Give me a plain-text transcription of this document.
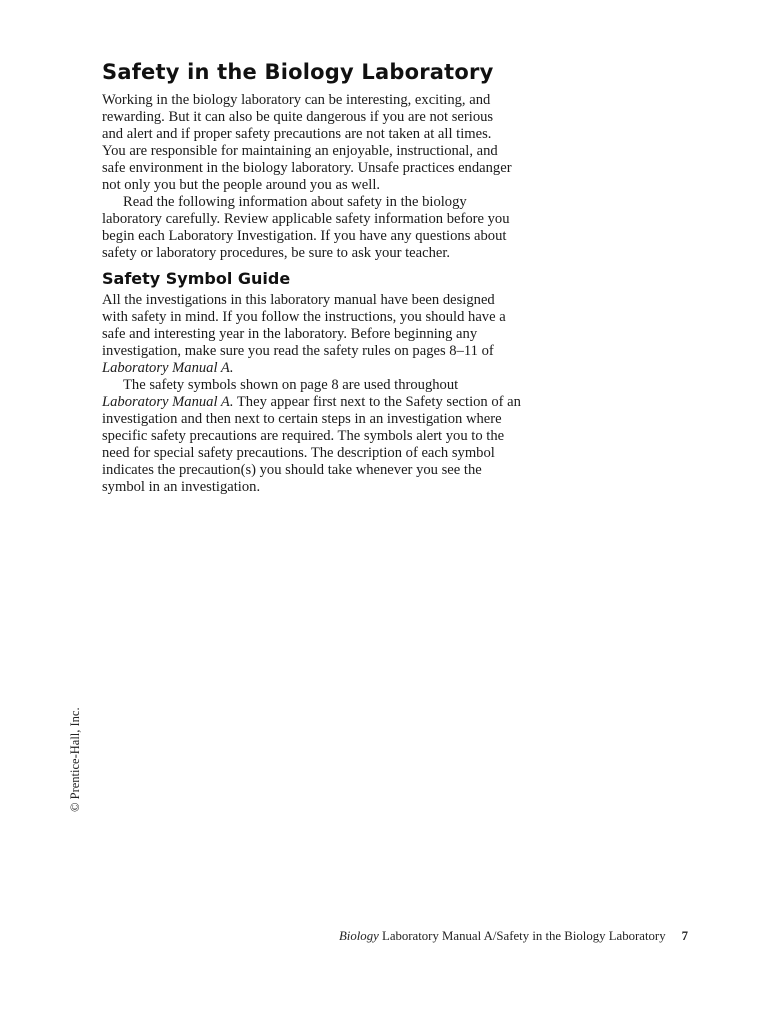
Safety in the Biology Laboratory
Working in the biology laboratory can be interesting, exciting, and
rewarding. But it can also be quite dangerous if you are not serious
and alert and if proper safety precautions are not taken at all times.
You are responsible for maintaining an enjoyable, instructional, and
safe environment in the biology laboratory. Unsafe practices endanger
not only you but the people around you as well.
Read the following information about safety in the biology
laboratory carefully. Review applicable safety information before you
begin each Laboratory Investigation. If you have any questions about
safety or laboratory procedures, be sure to ask your teacher.
Safety Symbol Guide
All the investigations in this laboratory manual have been designed
with safety in mind. If you follow the instructions, you should have a
safe and interesting year in the laboratory. Before beginning any
investigation, make sure you read the safety rules on pages 8–11 of
Laboratory Manual A.
The safety symbols shown on page 8 are used throughout
Laboratory Manual A. They appear first next to the Safety section of an
investigation and then next to certain steps in an investigation where
specific safety precautions are required. The symbols alert you to the
need for special safety precautions. The description of each symbol
indicates the precaution(s) you should take whenever you see the
symbol in an investigation.
© Prentice-Hall, Inc.
Biology Laboratory Manual A/Safety in the Biology Laboratory 7
